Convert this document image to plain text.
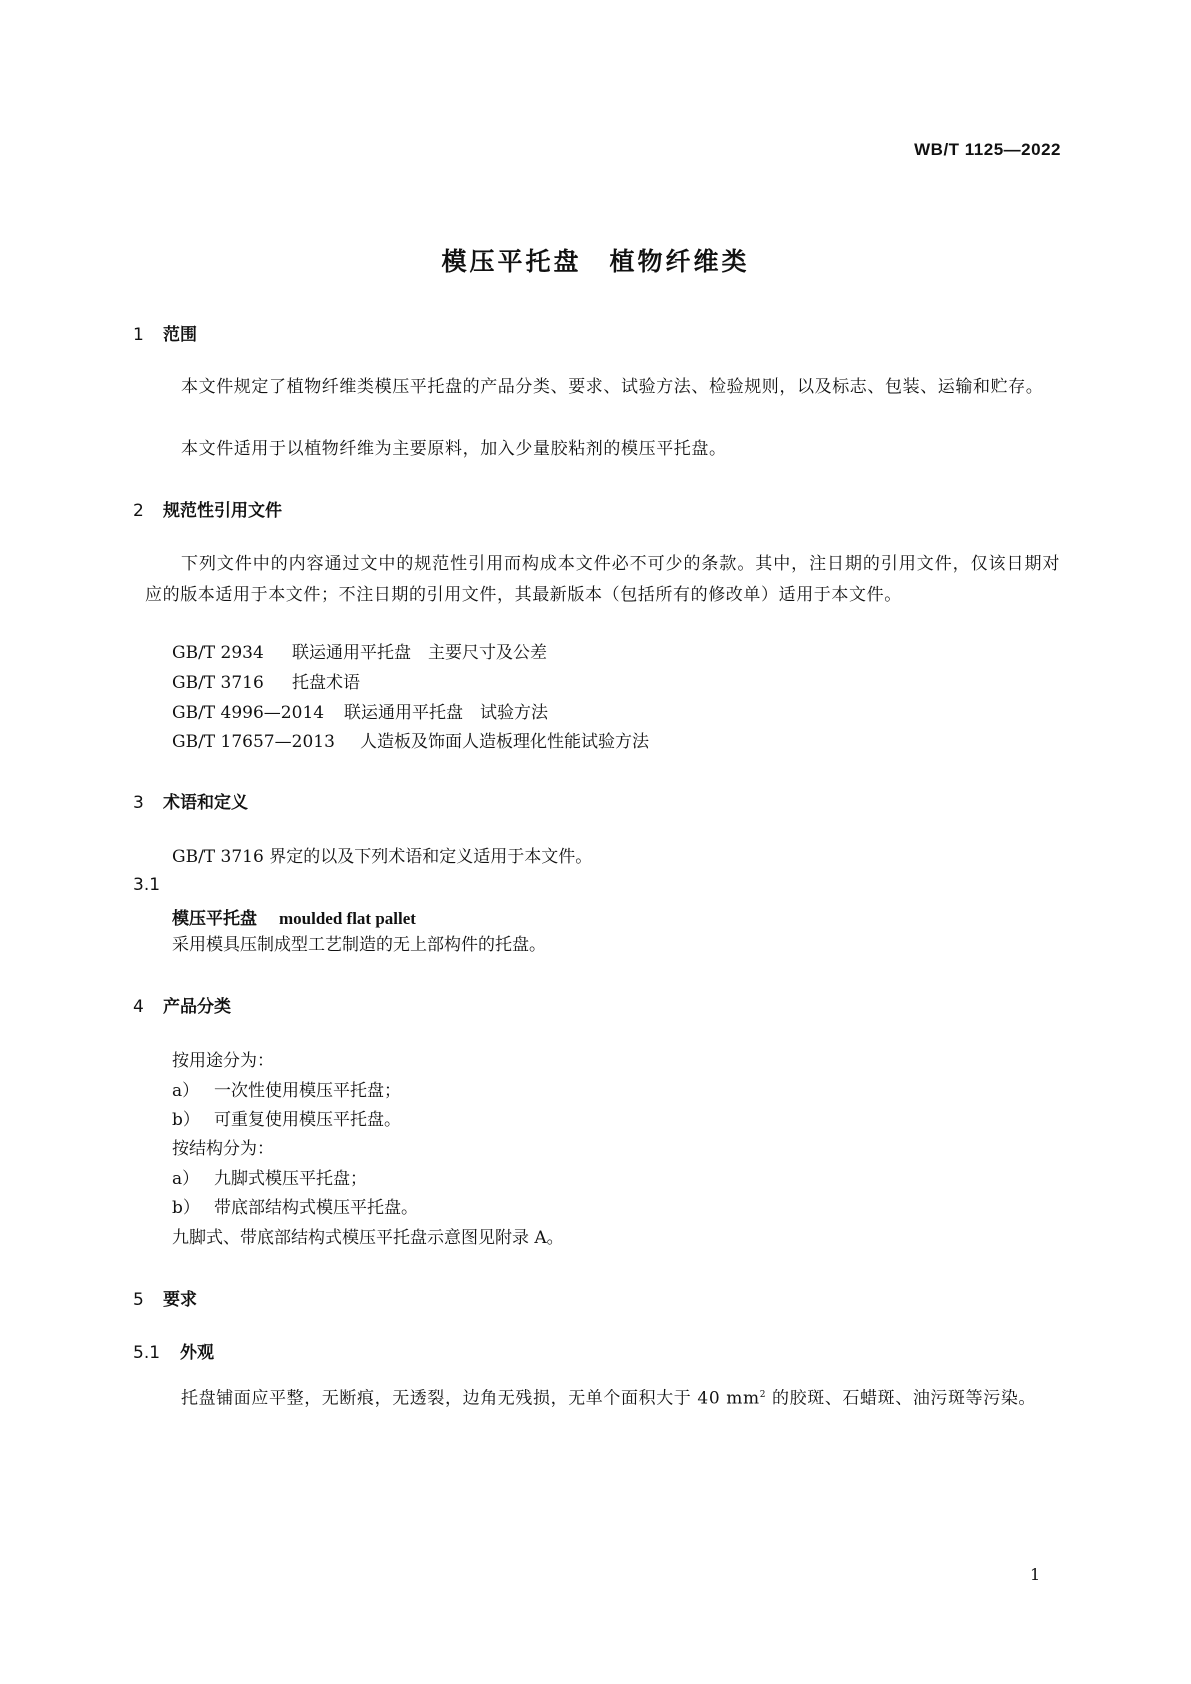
WB/T 1125—2022
模压平托盘　植物纤维类
1 范围
本文件规定了植物纤维类模压平托盘的产品分类、要求、试验方法、检验规则，以及标志、包装、运输和贮存。
本文件适用于以植物纤维为主要原料，加入少量胶粘剂的模压平托盘。
2 规范性引用文件
下列文件中的内容通过文中的规范性引用而构成本文件必不可少的条款。其中，注日期的引用文件，仅该日期对应的版本适用于本文件；不注日期的引用文件，其最新版本（包括所有的修改单）适用于本文件。
GB/T 2934 联运通用平托盘　主要尺寸及公差
GB/T 3716 托盘术语
GB/T 4996—2014 联运通用平托盘　试验方法
GB/T 17657—2013 人造板及饰面人造板理化性能试验方法
3 术语和定义
GB/T 3716 界定的以及下列术语和定义适用于本文件。
3.1
模压平托盘 moulded flat pallet
采用模具压制成型工艺制造的无上部构件的托盘。
4 产品分类
按用途分为：
a） 一次性使用模压平托盘；
b） 可重复使用模压平托盘。
按结构分为：
a） 九脚式模压平托盘；
b） 带底部结构式模压平托盘。
九脚式、带底部结构式模压平托盘示意图见附录 A。
5 要求
5.1 外观
托盘铺面应平整，无断痕，无透裂，边角无残损，无单个面积大于 40 $mm^2$ 的胶斑、石蜡斑、油污斑等污染。
1
